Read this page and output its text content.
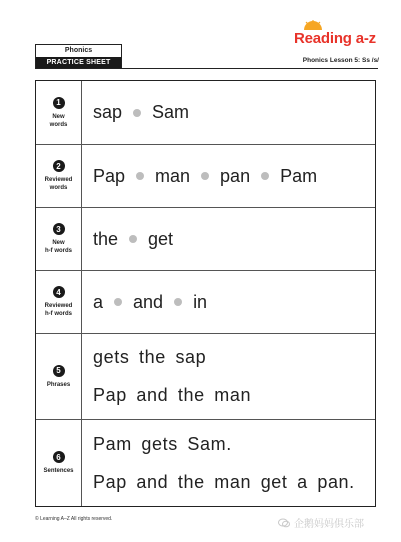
Phonics
PRACTICE SHEET
Reading a-z
Phonics Lesson 5: Ss /s/
1
New
words
sap Sam
2
Reviewed
words
Pap man pan Pam
3
New
h-f words
the get
4
Reviewed
h-f words
a and in
5
Phrases
gets the sap
Pap and the man
6
Sentences
Pam gets Sam.
Pap and the man get a pan.
© Learning A–Z All rights reserved.	企鹅妈妈俱乐部
